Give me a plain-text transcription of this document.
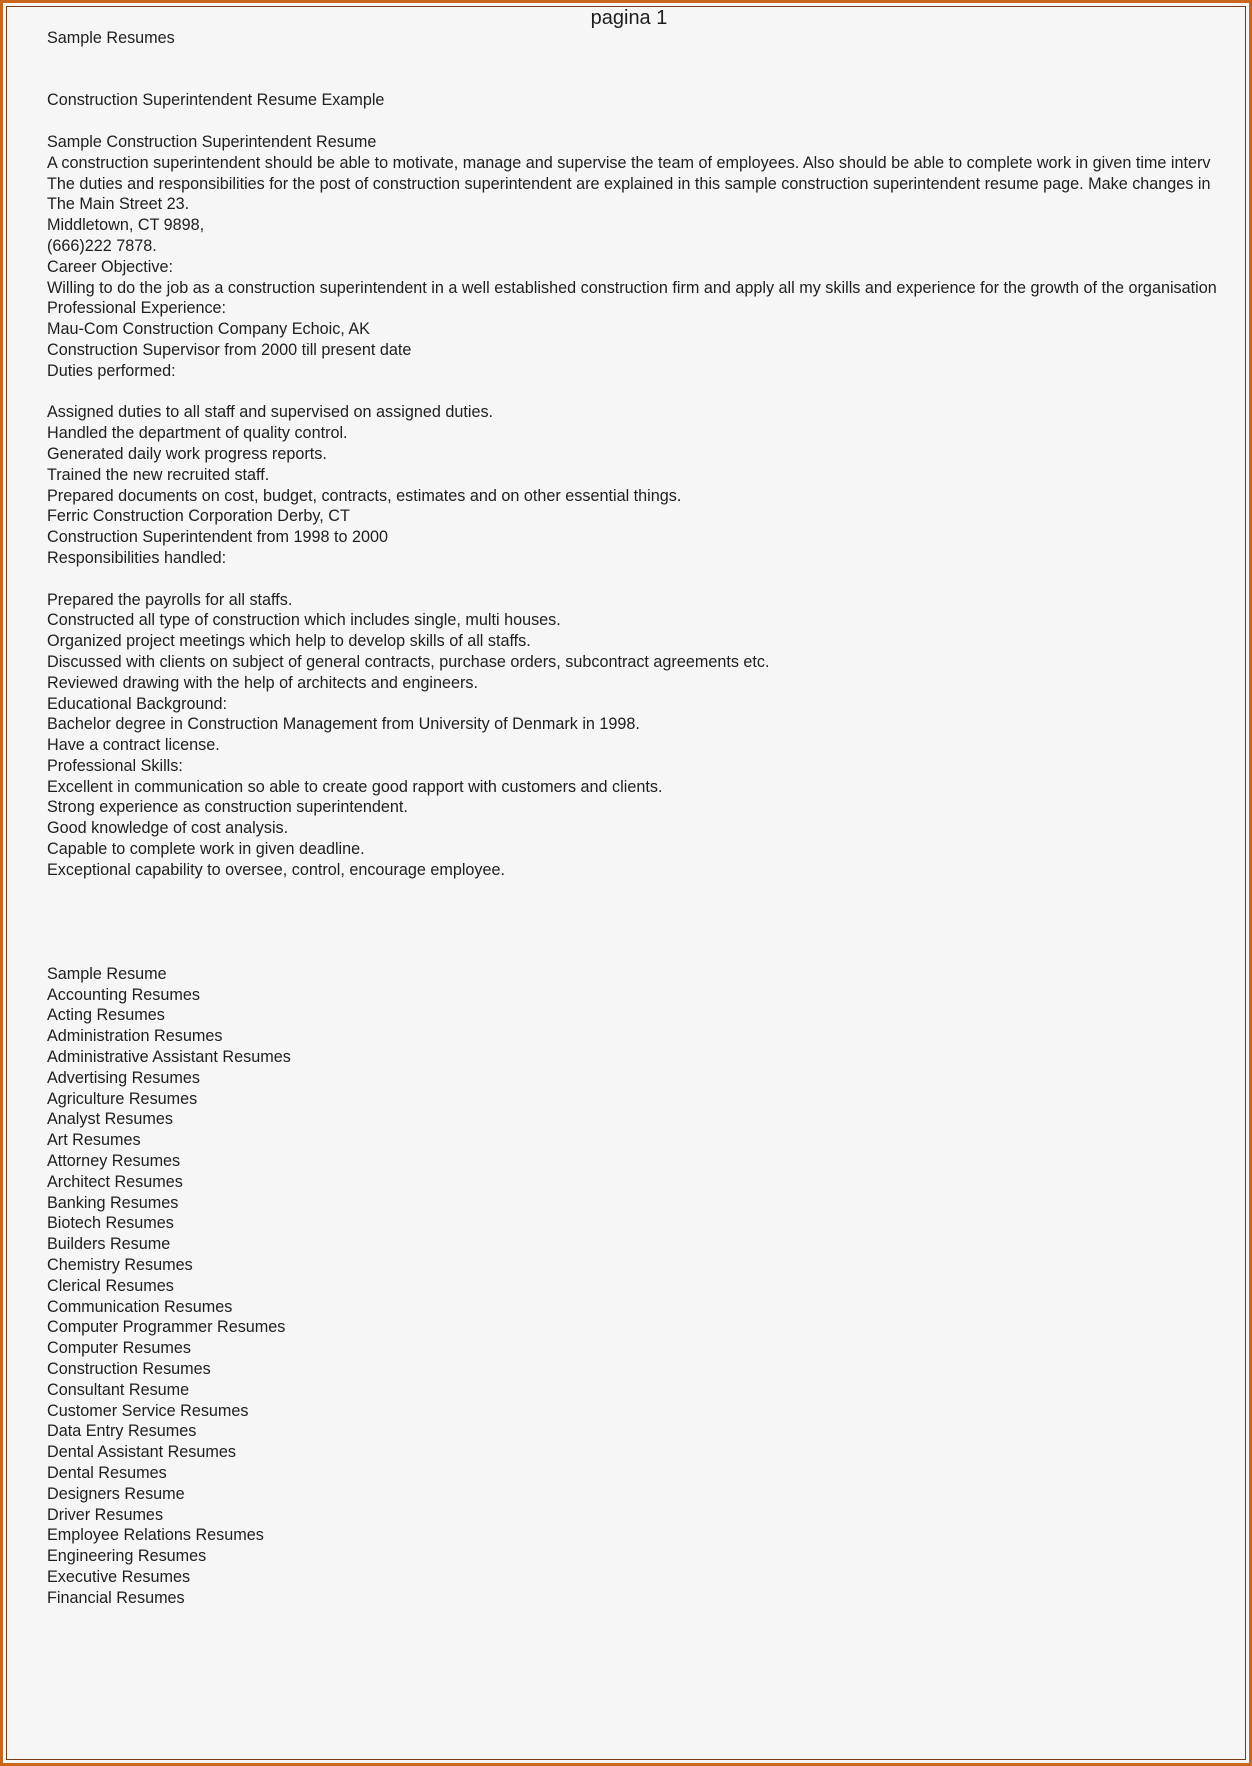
pagina 1
Sample Resumes
Construction Superintendent Resume Example
Sample Construction Superintendent Resume
A construction superintendent should be able to motivate, manage and supervise the team of employees. Also should be able to complete work in given time interv
The duties and responsibilities for the post of construction superintendent are explained in this sample construction superintendent resume page. Make changes in
The Main Street 23.
Middletown, CT 9898,
(666)222 7878.
Career Objective:
Willing to do the job as a construction superintendent in a well established construction firm and apply all my skills and experience for the growth of the organisation
Professional Experience:
Mau-Com Construction Company Echoic, AK
Construction Supervisor from 2000 till present date
Duties performed:
Assigned duties to all staff and supervised on assigned duties.
Handled the department of quality control.
Generated daily work progress reports.
Trained the new recruited staff.
Prepared documents on cost, budget, contracts, estimates and on other essential things.
Ferric Construction Corporation Derby, CT
Construction Superintendent from 1998 to 2000
Responsibilities handled:
Prepared the payrolls for all staffs.
Constructed all type of construction which includes single, multi houses.
Organized project meetings which help to develop skills of all staffs.
Discussed with clients on subject of general contracts, purchase orders, subcontract agreements etc.
Reviewed drawing with the help of architects and engineers.
Educational Background:
Bachelor degree in Construction Management from University of Denmark in 1998.
Have a contract license.
Professional Skills:
Excellent in communication so able to create good rapport with customers and clients.
Strong experience as construction superintendent.
Good knowledge of cost analysis.
Capable to complete work in given deadline.
Exceptional capability to oversee, control, encourage employee.
Sample Resume
Accounting Resumes
Acting Resumes
Administration Resumes
Administrative Assistant Resumes
Advertising Resumes
Agriculture Resumes
Analyst Resumes
Art Resumes
Attorney Resumes
Architect Resumes
Banking Resumes
Biotech Resumes
Builders Resume
Chemistry Resumes
Clerical Resumes
Communication Resumes
Computer Programmer Resumes
Computer Resumes
Construction Resumes
Consultant Resume
Customer Service Resumes
Data Entry Resumes
Dental Assistant Resumes
Dental Resumes
Designers Resume
Driver Resumes
Employee Relations Resumes
Engineering Resumes
Executive Resumes
Financial Resumes
